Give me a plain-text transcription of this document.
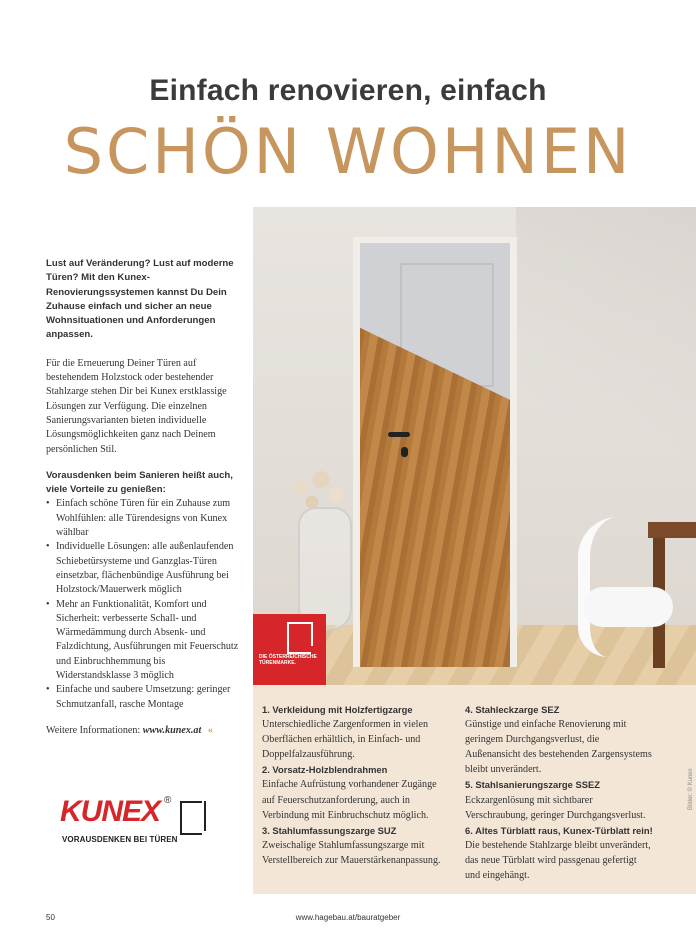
Einfach renovieren, einfach
SCHÖN WOHNEN
DIE ÖSTERREICHISCHE TÜRENMARKE.

Lust auf Veränderung? Lust auf moderne Türen? Mit den Kunex-Renovierungssystemen kannst Du Dein Zuhause einfach und sicher an neue Wohnsituationen und Anforderungen anpassen.

Für die Erneuerung Deiner Türen auf bestehendem Holzstock oder bestehender Stahlzarge stehen Dir bei Kunex erstklassige Lösungen zur Verfügung. Die einzelnen Sanierungsvarianten bieten individuelle Lösungsmöglichkeiten ganz nach Deinem persönlichen Stil.

Vorausdenken beim Sanieren heißt auch, viele Vorteile zu genießen:

• Einfach schöne Türen für ein Zuhause zum Wohlfühlen: alle Türendesigns von Kunex wählbar
• Individuelle Lösungen: alle außenlaufenden Schiebetürsysteme und Ganzglas-Türen einsetzbar, flächenbündige Ausführung bei Holzstock/Mauerwerk möglich
• Mehr an Funktionalität, Komfort und Sicherheit: verbesserte Schall- und Wärmedämmung durch Absenk- und Falzdichtung, Ausführungen mit Feuerschutz und Einbruchhemmung bis Widerstandsklasse 3 möglich
• Einfache und saubere Umsetzung: geringer Schmutzanfall, rasche Montage

Weitere Informationen: www.kunex.at «

KUNEX ®
VORAUSDENKEN BEI TÜREN
1. Verkleidung mit Holzfertigzarge
Unterschiedliche Zargenformen in vielen Oberflächen erhältlich, in Einfach- und Doppelfalzausführung.
2. Vorsatz-Holzblendrahmen
Einfache Aufrüstung vorhandener Zugänge auf Feuerschutzanforderung, auch in Verbindung mit Einbruchschutz möglich.
3. Stahlumfassungszarge SUZ
Zweischalige Stahlumfassungszarge mit Verstellbereich zur Mauerstärkenanpassung.
4. Stahleckzarge SEZ
Günstige und einfache Renovierung mit geringem Durchgangsverlust, die Außenansicht des bestehenden Zargensystems bleibt unverändert.
5. Stahlsanierungszarge SSEZ
Eckzargenlösung mit sichtbarer Verschraubung, geringer Durchgangsverlust.
6. Altes Türblatt raus, Kunex-Türblatt rein!
Die bestehende Stahlzarge bleibt unverändert, das neue Türblatt wird passgenau gefertigt und eingehängt.
Bilder: © Kunex
50	www.hagebau.at/bauratgeber
